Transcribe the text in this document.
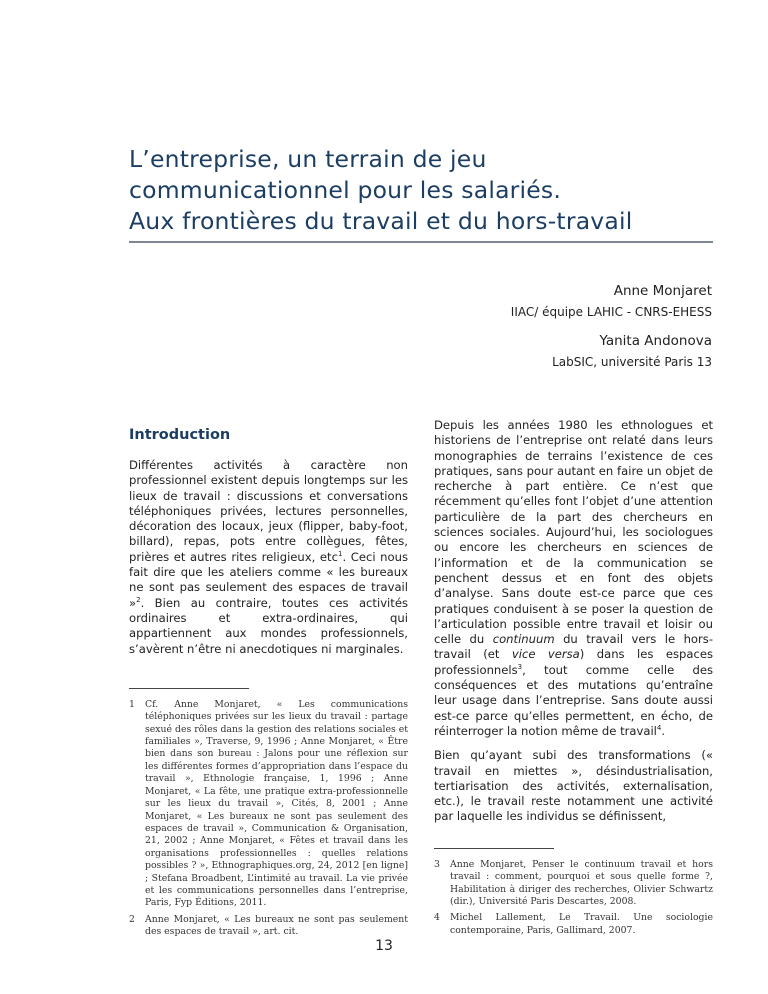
L’entreprise, un terrain de jeu
communicationnel pour les salariés.
Aux frontières du travail et du hors-travail
Anne Monjaret
IIAC/ équipe LAHIC - CNRS-EHESS
Yanita Andonova
LabSIC, université Paris 13
Introduction

Différentes activités à caractère non professionnel existent depuis longtemps sur les lieux de travail : discussions et conversations téléphoniques privées, lectures personnelles, décoration des locaux, jeux (flipper, baby-foot, billard), repas, pots entre collègues, fêtes, prières et autres rites religieux, etc$^1$. Ceci nous fait dire que les ateliers comme « les bureaux ne sont pas seulement des espaces de travail »$^2$. Bien au contraire, toutes ces activités ordinaires et extra-ordinaires, qui appartiennent aux mondes professionnels, s’avèrent n’être ni anecdotiques ni marginales.

1	Cf. Anne Monjaret, « Les communications téléphoniques privées sur les lieux du travail : partage sexué des rôles dans la gestion des relations sociales et familiales », Traverse, 9, 1996 ; Anne Monjaret, « Être bien dans son bureau : Jalons pour une réflexion sur les différentes formes d’appropriation dans l’espace du travail », Ethnologie française, 1, 1996 ; Anne Monjaret, « La fête, une pratique extra-professionnelle sur les lieux du travail », Cités, 8, 2001 ; Anne Monjaret, « Les bureaux ne sont pas seulement des espaces de travail », Communication & Organisation, 21, 2002 ; Anne Monjaret, « Fêtes et travail dans les organisations professionnelles : quelles relations possibles ? », Ethnographiques.org, 24, 2012 [en ligne] ; Stefana Broadbent, L’intimité au travail. La vie privée et les communications personnelles dans l’entreprise, Paris, Fyp Éditions, 2011.
2	Anne Monjaret, « Les bureaux ne sont pas seulement des espaces de travail », art. cit.

Depuis les années 1980 les ethnologues et historiens de l’entreprise ont relaté dans leurs monographies de terrains l’existence de ces pratiques, sans pour autant en faire un objet de recherche à part entière. Ce n’est que récemment qu’elles font l’objet d’une attention particulière de la part des chercheurs en sciences sociales. Aujourd’hui, les sociologues ou encore les chercheurs en sciences de l’information et de la communication se penchent dessus et en font des objets d’analyse. Sans doute est-ce parce que ces pratiques conduisent à se poser la question de l’articulation possible entre travail et loisir ou celle du continuum du travail vers le hors-travail (et vice versa) dans les espaces professionnels$^3$, tout comme celle des conséquences et des mutations qu’entraîne leur usage dans l’entreprise. Sans doute aussi est-ce parce qu’elles permettent, en écho, de réinterroger la notion même de travail$^4$.

Bien qu’ayant subi des transformations (« travail en miettes », désindustrialisation, tertiarisation des activités, externalisation, etc.), le travail reste notamment une activité par laquelle les individus se définissent,

3	Anne Monjaret, Penser le continuum travail et hors travail : comment, pourquoi et sous quelle forme ?, Habilitation à diriger des recherches, Olivier Schwartz (dir.), Université Paris Descartes, 2008.
4	Michel Lallement, Le Travail. Une sociologie contemporaine, Paris, Gallimard, 2007.
13
